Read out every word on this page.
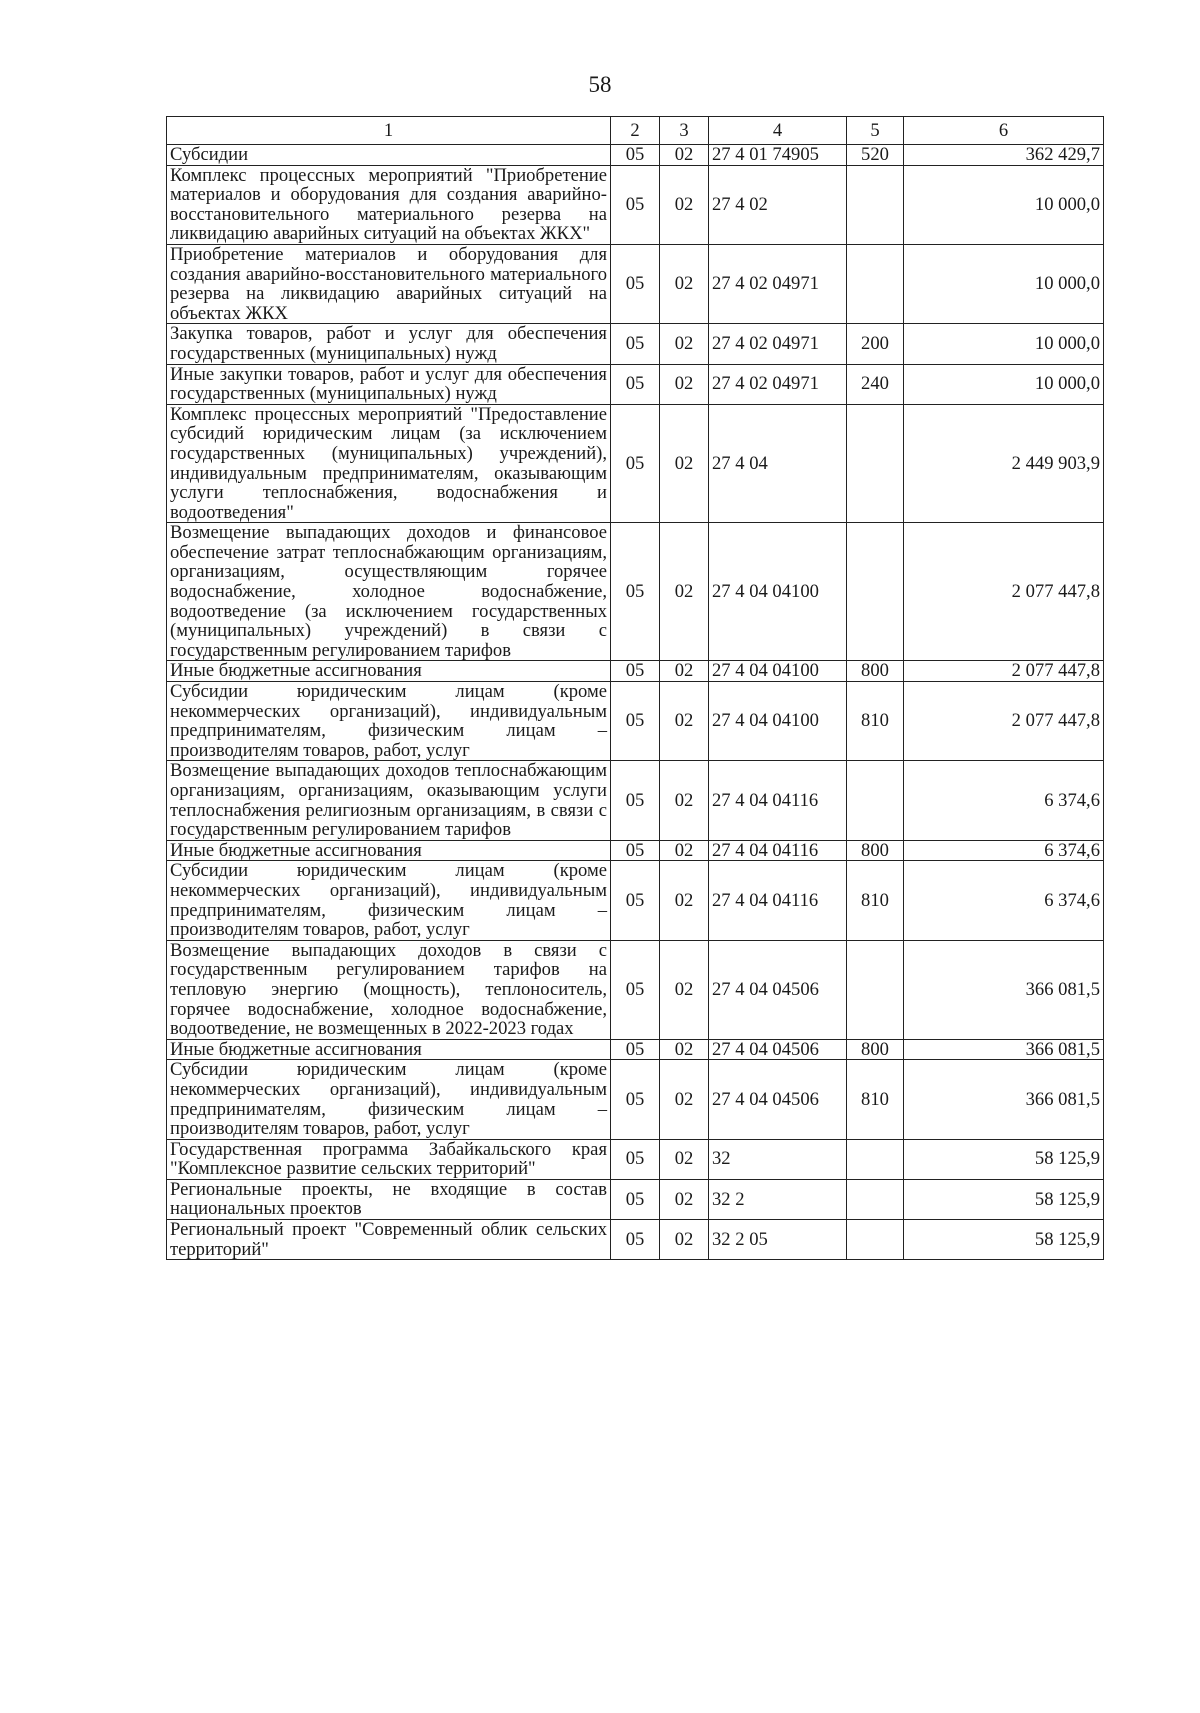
58
1	2	3	4	5	6
Субсидии	05	02	27 4 01 74905	520	362 429,7
Комплекс процессных мероприятий "Приобретение материалов и оборудования для создания аварийно-восстановительного материального резерва на ликвидацию аварийных ситуаций на объектах ЖКХ"	05	02	27 4 02		10 000,0
Приобретение материалов и оборудования для создания аварийно-восстановительного материального резерва на ликвидацию аварийных ситуаций на объектах ЖКХ	05	02	27 4 02 04971		10 000,0
Закупка товаров, работ и услуг для обеспечения государственных (муниципальных) нужд	05	02	27 4 02 04971	200	10 000,0
Иные закупки товаров, работ и услуг для обеспечения государственных (муниципальных) нужд	05	02	27 4 02 04971	240	10 000,0
Комплекс процессных мероприятий "Предоставление субсидий юридическим лицам (за исключением государственных (муниципальных) учреждений), индивидуальным предпринимателям, оказывающим услуги теплоснабжения, водоснабжения и водоотведения"	05	02	27 4 04		2 449 903,9
Возмещение выпадающих доходов и финансовое обеспечение затрат теплоснабжающим организациям, организациям, осуществляющим горячее водоснабжение, холодное водоснабжение, водоотведение (за исключением государственных (муниципальных) учреждений) в связи с государственным регулированием тарифов	05	02	27 4 04 04100		2 077 447,8
Иные бюджетные ассигнования	05	02	27 4 04 04100	800	2 077 447,8
Субсидии юридическим лицам (кроме некоммерческих организаций), индивидуальным предпринимателям, физическим лицам – производителям товаров, работ, услуг	05	02	27 4 04 04100	810	2 077 447,8
Возмещение выпадающих доходов теплоснабжающим организациям, организациям, оказывающим услуги теплоснабжения религиозным организациям, в связи с государственным регулированием тарифов	05	02	27 4 04 04116		6 374,6
Иные бюджетные ассигнования	05	02	27 4 04 04116	800	6 374,6
Субсидии юридическим лицам (кроме некоммерческих организаций), индивидуальным предпринимателям, физическим лицам – производителям товаров, работ, услуг	05	02	27 4 04 04116	810	6 374,6
Возмещение выпадающих доходов в связи с государственным регулированием тарифов на тепловую энергию (мощность), теплоноситель, горячее водоснабжение, холодное водоснабжение, водоотведение, не возмещенных в 2022-2023 годах	05	02	27 4 04 04506		366 081,5
Иные бюджетные ассигнования	05	02	27 4 04 04506	800	366 081,5
Субсидии юридическим лицам (кроме некоммерческих организаций), индивидуальным предпринимателям, физическим лицам – производителям товаров, работ, услуг	05	02	27 4 04 04506	810	366 081,5
Государственная программа Забайкальского края "Комплексное развитие сельских территорий"	05	02	32		58 125,9
Региональные проекты, не входящие в состав национальных проектов	05	02	32 2		58 125,9
Региональный проект "Современный облик сельских территорий"	05	02	32 2 05		58 125,9
